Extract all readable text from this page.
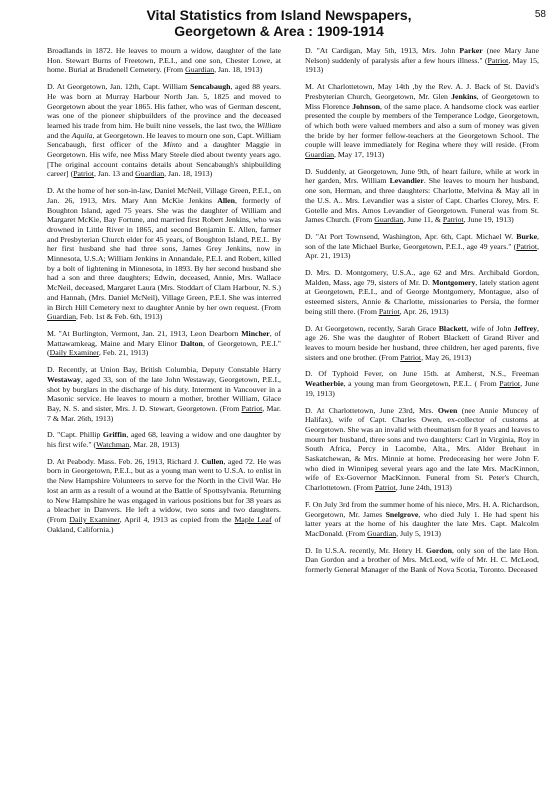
58
Vital Statistics from Island Newspapers,
Georgetown & Area : 1909-1914

Broadlands in 1872. He leaves to mourn a widow, daughter of the late Hon. Stewart Burns of Freetown, P.E.I., and one son, Chester Lowe, at home. Burial at Brudenell Cemetery. (From Guardian, Jan. 18, 1913)

D. At Georgetown, Jan. 12th, Capt. William Sencabaugh, aged 88 years. He was born at Murray Harbour North Jan. 5, 1825 and moved to Georgetown about the year 1865. His father, who was of German descent, was one of the pioneer shipbuilders of the province and the deceased learned his trade from him. He built nine vessels, the last two, the William and the Aquila, at Georgetown. He leaves to mourn one son, Capt. William Sencabaugh, first officer of the Minto and a daughter Maggie in Georgetown. His wife, nee Miss Mary Steele died about twenty years ago. [The original account contains details about Sencabaugh's shipbuilding career] (Patriot, Jan. 13 and Guardian, Jan. 18, 1913)

D. At the home of her son-in-law, Daniel McNeil, Village Green, P.E.I., on Jan. 26, 1913, Mrs. Mary Ann McKie Jenkins Allen, formerly of Boughton Island, aged 75 years. She was the daughter of William and Margaret McKie, Bay Fortune, and married first Robert Jenkins, who was drowned in Little River in 1865, and second Benjamin E. Allen, farmer and Presbyterian Church elder for 45 years, of Boughton Island, P.E.I.. By her first husband she had three sons, James Grey Jenkins, now in Minnesota, U.S.A; William Jenkins in Annandale, P.E.I. and Robert, killed by a bolt of lightening in Minnesota, in 1893. By her second husband she had a son and three daughters; Edwin, deceased, Annie, Mrs. Wallace McNeil, deceased, Margaret Laura (Mrs. Stoddart of Clam Harbour, N. S.) and Hannah, (Mrs. Daniel McNeil), Village Green, P.E.I. She was interred in Birch Hill Cemetery next to daughter Annie by her own request. (From Guardian, Feb. 1st & Feb. 6th, 1913)

M. "At Burlington, Vermont, Jan. 21, 1913, Leon Dearborn Mincher, of Mattawamkeag, Maine and Mary Elinor Dalton, of Georgetown, P.E.I." (Daily Examiner, Feb. 21, 1913)

D. Recently, at Union Bay, British Columbia, Deputy Constable Harry Westaway, aged 33, son of the late John Westaway, Georgetown, P.E.I., shot by burglars in the discharge of his duty. Interment in Vancouver in a Masonic service. He leaves to mourn a mother, brother William, Glace Bay, N. S. and sister, Mrs. J. D. Stewart, Georgetown. (From Patriot, Mar. 7 & Mar. 26th, 1913)

D. "Capt. Phillip Griffin, aged 68, leaving a widow and one daughter by his first wife." (Watchman, Mar. 28, 1913)

D. At Peabody. Mass. Feb. 26, 1913, Richard J. Cullen, aged 72. He was born in Georgetown, P.E.I., but as a young man went to U.S.A. to enlist in the New Hampshire Volunteers to serve for the North in the Civil War. He lost an arm as a result of a wound at the Battle of Spottsylvania. Returning to New Hampshire he was engaged in various positions but for 38 years as a bleacher in Danvers. He left a widow, two sons and two daughters. (From Daily Examiner, April 4, 1913 as copied from the Maple Leaf of Oakland, California.)

D. "At Cardigan, May 5th, 1913, Mrs. John Parker (nee Mary Jane Nelson) suddenly of paralysis after a few hours illness." (Patriot, May 15, 1913)

M. At Charlottetown, May 14th ,by the Rev. A. J. Back of St. David's Presbyterian Church, Georgetown, Mr. Glen Jenkins, of Georgetown to Miss Florence Johnson, of the same place. A handsome clock was earlier presented the couple by members of the Temperance Lodge, Georgetown, of which both were valued members and also a sum of money was given the bride by her former fellow-teachers at the Georgetown School. The couple will leave immediately for Regina where they will reside. (From Guardian, May 17, 1913)

D. Suddenly, at Georgetown, June 9th, of heart failure, while at work in her garden, Mrs. William Levandier. She leaves to mourn her husband, one son, Herman, and three daughters: Charlotte, Melvina & May all in the U.S. A.. Mrs. Levandier was a sister of Capt. Charles Clorey, Mrs. F. Gotelle and Mrs. Amos Levandier of Georgetown. Funeral was from St. James Church. (From Guardian, June 11, & Patriot, June 19, 1913)

D. "At Port Townsend, Washington, Apr. 6th, Capt. Michael W. Burke, son of the late Michael Burke, Georgetown, P.E.I., age 49 years." (Patriot, Apr. 21, 1913)

D. Mrs. D. Montgomery, U.S.A., age 62 and Mrs. Archibald Gordon, Malden, Mass, age 79, sisters of Mr. D. Montgomery, lately station agent at Georgetown, P.E.I., and of George Montgomery, Montague, also of esteemed sisters, Annie & Charlotte, missionaries to Persia, the former being still there. (From Patriot, Apr. 26, 1913)

D. At Georgetown, recently, Sarah Grace Blackett, wife of John Jeffrey, age 26. She was the daughter of Robert Blackett of Grand River and leaves to mourn beside her husband, three children, her aged parents, five sisters and one brother. (From Patriot, May 26, 1913)

D. Of Typhoid Fever, on June 15th. at Amherst, N.S., Freeman Weatherbie, a young man from Georgetown, P.E.I.. ( From Patriot, June 19, 1913)

D. At Charlottetown, June 23rd, Mrs. Owen (nee Annie Muncey of Halifax), wife of Capt. Charles Owen, ex-collector of customs at Georgetown. She was an invalid with rheumatism for 8 years and leaves to mourn her husband, three sons and two daughters: Carl in Virginia, Roy in South Africa, Percy in Lacombe, Alta., Mrs. Alder Brehaut in Saskatchewan, & Mrs. Minnie at home. Predeceasing her were John F. who died in Winnipeg several years ago and the late Mrs. MacKinnon, wife of Ex-Governor MacKinnon. Funeral from St. Peter's Church, Charlottetown. (From Patriot, June 24th, 1913)

F. On July 3rd from the summer home of his niece, Mrs. H. A. Richardson, Georgetown, Mr. James Snelgrove, who died July 1. He had spent his latter years at the home of his daughter the late Mrs. Capt. Malcolm MacDonald. (From Guardian, July 5, 1913)

D. In U.S.A. recently, Mr. Henry H. Gordon, only son of the late Hon. Dan Gordon and a brother of Mrs. McLeod, wife of Mr. H. C. McLeod, formerly General Manager of the Bank of Nova Scotia, Toronto. Deceased
